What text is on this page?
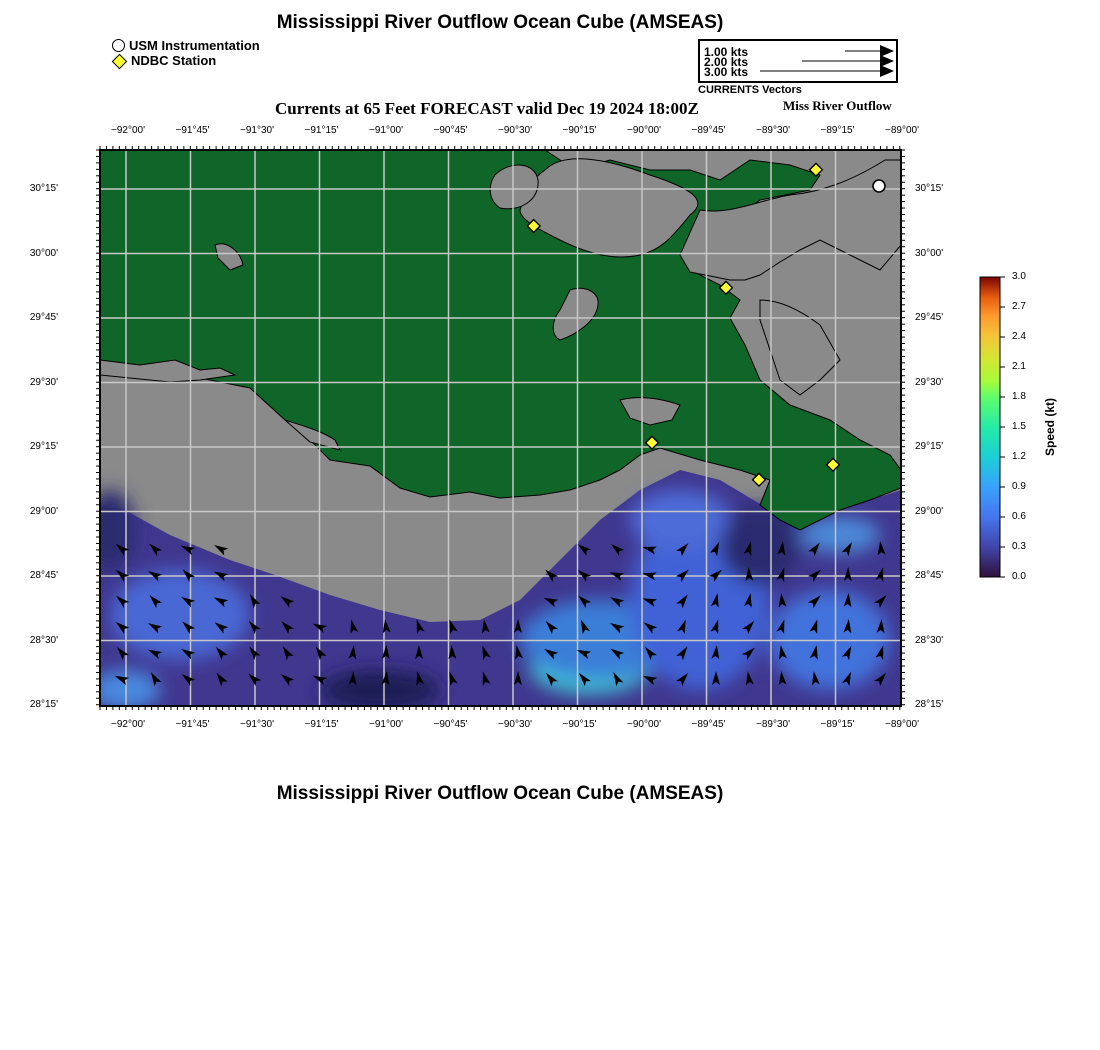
Mississippi River Outflow Ocean Cube (AMSEAS)
USM Instrumentation
NDBC Station
1.00 kts
2.00 kts
3.00 kts
CURRENTS Vectors
Currents at 65 Feet FORECAST valid Dec 19 2024 18:00Z	Miss River Outflow
−92°00'	−91°45'	−91°30'	−91°15'	−91°00'	−90°45'	−90°30'	−90°15'	−90°00'	−89°45'	−89°30'	−89°15'	−89°00'
−92°00'	−91°45'	−91°30'	−91°15'	−91°00'	−90°45'	−90°30'	−90°15'	−90°00'	−89°45'	−89°30'	−89°15'	−89°00'
30°15'
30°00'
29°45'
29°30'
29°15'
29°00'
28°45'
28°30'
28°15'
30°15'
30°00'
29°45'
29°30'
29°15'
29°00'
28°45'
28°30'
28°15'
3.0
2.7
2.4
2.1
1.8
1.5
1.2
0.9
0.6
0.3
0.0
Speed (kt)
Mississippi River Outflow Ocean Cube (AMSEAS)
